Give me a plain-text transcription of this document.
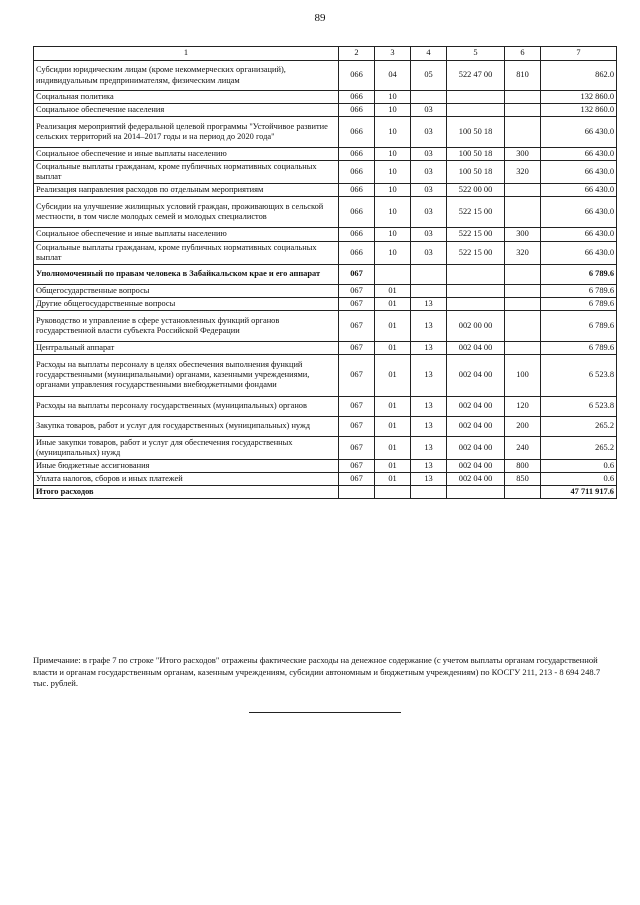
89
1	2	3	4	5	6	7
Субсидии юридическим лицам (кроме некоммерческих организаций), индивидуальным предпринимателям, физическим лицам	066	04	05	522 47 00	810	862.0
Социальная политика	066	10				132 860.0
Социальное обеспечение населения	066	10	03			132 860.0
Реализация мероприятий федеральной целевой программы "Устойчивое развитие сельских территорий на 2014–2017 годы и на период до 2020 года"	066	10	03	100 50 18		66 430.0
Социальное обеспечение и иные выплаты населению	066	10	03	100 50 18	300	66 430.0
Социальные выплаты гражданам, кроме публичных нормативных социальных выплат	066	10	03	100 50 18	320	66 430.0
Реализация направления расходов по отдельным мероприятиям	066	10	03	522 00 00		66 430.0
Субсидии на улучшение жилищных условий граждан, проживающих в сельской местности, в том числе молодых семей и молодых специалистов	066	10	03	522 15 00		66 430.0
Социальное обеспечение и иные выплаты населению	066	10	03	522 15 00	300	66 430.0
Социальные выплаты гражданам, кроме публичных нормативных социальных выплат	066	10	03	522 15 00	320	66 430.0
Уполномоченный по правам человека в Забайкальском крае и его аппарат	067					6 789.6
Общегосударственные вопросы	067	01				6 789.6
Другие общегосударственные вопросы	067	01	13			6 789.6
Руководство и управление в сфере установленных функций органов государственной власти субъекта Российской Федерации	067	01	13	002 00 00		6 789.6
Центральный аппарат	067	01	13	002 04 00		6 789.6
Расходы на выплаты персоналу в целях обеспечения выполнения функций государственными (муниципальными) органами, казенными учреждениями, органами управления государственными внебюджетными фондами	067	01	13	002 04 00	100	6 523.8
Расходы на выплаты персоналу государственных (муниципальных) органов	067	01	13	002 04 00	120	6 523.8
Закупка товаров, работ и услуг для государственных (муниципальных) нужд	067	01	13	002 04 00	200	265.2
Иные закупки товаров, работ и услуг для обеспечения государственных (муниципальных) нужд	067	01	13	002 04 00	240	265.2
Иные бюджетные ассигнования	067	01	13	002 04 00	800	0.6
Уплата налогов, сборов и иных платежей	067	01	13	002 04 00	850	0.6
Итого расходов						47 711 917.6
Примечание: в графе 7 по строке "Итого расходов" отражены фактические расходы на денежное содержание (с учетом выплаты органам государственной власти и органам государственным органам, казенным учреждениям, субсидии автономным и бюджетным учреждениям) по КОСГУ 211, 213 - 8 694 248.7 тыс. рублей.
